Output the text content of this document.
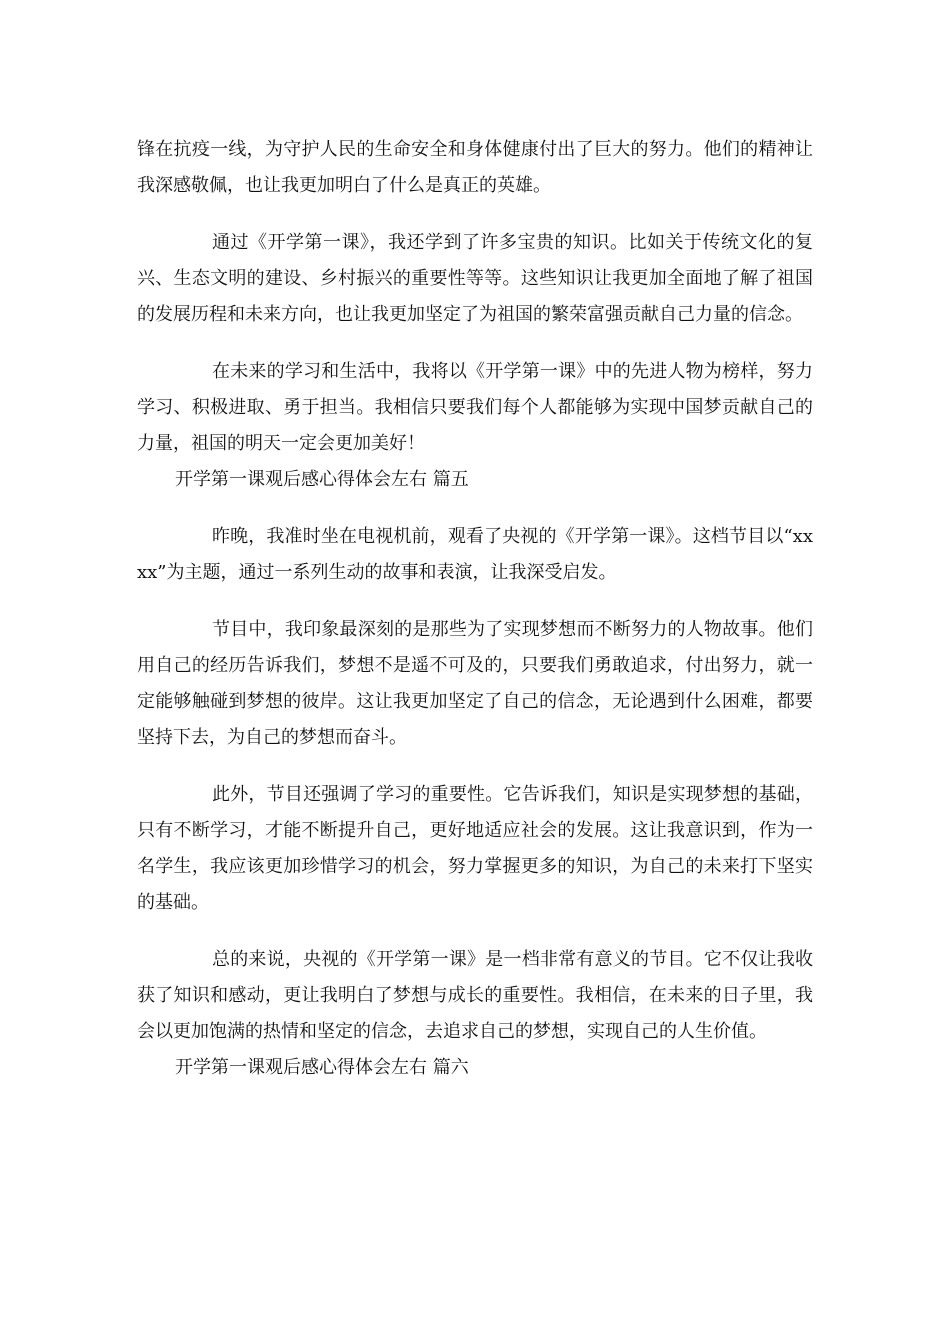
锋在抗疫一线，为守护人民的生命安全和身体健康付出了巨大的努力。他们的精神让我深感敬佩，也让我更加明白了什么是真正的英雄。

通过《开学第一课》，我还学到了许多宝贵的知识。比如关于传统文化的复兴、生态文明的建设、乡村振兴的重要性等等。这些知识让我更加全面地了解了祖国的发展历程和未来方向，也让我更加坚定了为祖国的繁荣富强贡献自己力量的信念。

在未来的学习和生活中，我将以《开学第一课》中的先进人物为榜样，努力学习、积极进取、勇于担当。我相信只要我们每个人都能够为实现中国梦贡献自己的力量，祖国的明天一定会更加美好！

开学第一课观后感心得体会左右 篇五

昨晚，我准时坐在电视机前，观看了央视的《开学第一课》。这档节目以“xxxx”为主题，通过一系列生动的故事和表演，让我深受启发。

节目中，我印象最深刻的是那些为了实现梦想而不断努力的人物故事。他们用自己的经历告诉我们，梦想不是遥不可及的，只要我们勇敢追求，付出努力，就一定能够触碰到梦想的彼岸。这让我更加坚定了自己的信念，无论遇到什么困难，都要坚持下去，为自己的梦想而奋斗。

此外，节目还强调了学习的重要性。它告诉我们，知识是实现梦想的基础，只有不断学习，才能不断提升自己，更好地适应社会的发展。这让我意识到，作为一名学生，我应该更加珍惜学习的机会，努力掌握更多的知识，为自己的未来打下坚实的基础。

总的来说，央视的《开学第一课》是一档非常有意义的节目。它不仅让我收获了知识和感动，更让我明白了梦想与成长的重要性。我相信，在未来的日子里，我会以更加饱满的热情和坚定的信念，去追求自己的梦想，实现自己的人生价值。

开学第一课观后感心得体会左右 篇六
